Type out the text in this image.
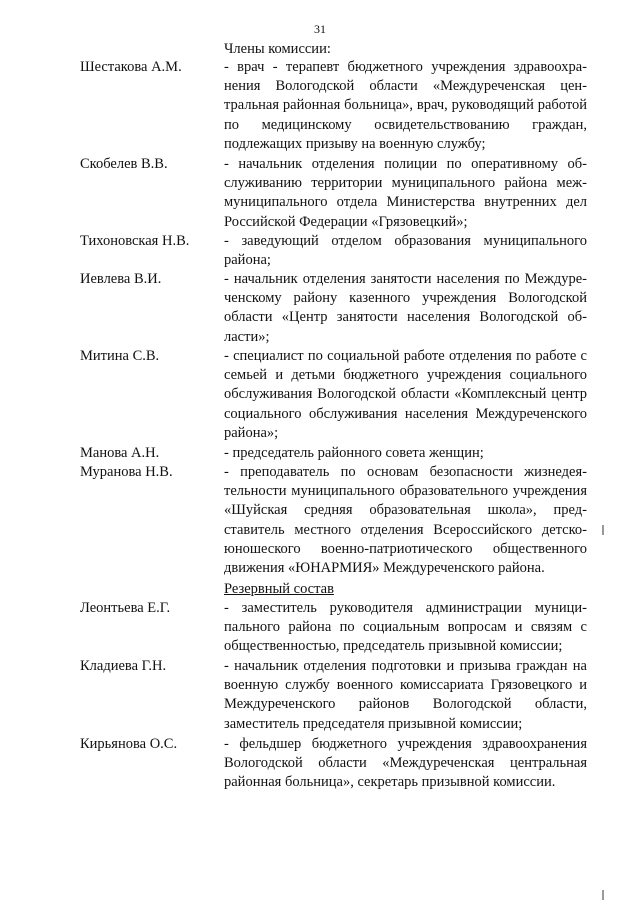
31
Члены комиссии:
Шестакова А.М.	- врач - терапевт бюджетного учреждения здравоохранения Вологодской области «Междуреченская центральная районная больница», врач, руководящий работой по медицинскому освидетельствованию граждан, подлежащих призыву на военную службу;
Скобелев В.В.	- начальник отделения полиции по оперативному обслуживанию территории муниципального района межмуниципального отдела Министерства внутренних дел Российской Федерации «Грязовецкий»;
Тихоновская Н.В. - заведующий отделом образования муниципального района;
Иевлева В.И.	- начальник отделения занятости населения по Междуреченскому району казенного учреждения Вологодской области «Центр занятости населения Вологодской области»;
Митина С.В.	- специалист по социальной работе отделения по работе с семьей и детьми бюджетного учреждения социального обслуживания Вологодской области «Комплексный центр социального обслуживания населения Междуреченского района»;
Манова А.Н.	- председатель районного совета женщин;
Муранова Н.В.	- преподаватель по основам безопасности жизнедеятельности муниципального образовательного учреждения «Шуйская средняя образовательная школа», представитель местного отделения Всероссийского детскоюношеского военно-патриотического общественного движения «ЮНАРМИЯ» Междуреченского района.
Резервный состав
Леонтьева Е.Г.	- заместитель руководителя администрации муниципального района по социальным вопросам и связям с общественностью, председатель призывной комиссии;
Кладиева Г.Н.	- начальник отделения подготовки и призыва граждан на военную службу военного комиссариата Грязовецкого и Междуреченского районов Вологодской области, заместитель председателя призывной комиссии;
Кирьянова О.С.	- фельдшер бюджетного учреждения здравоохранения Вологодской области «Междуреченская центральная районная больница», секретарь призывной комиссии.
